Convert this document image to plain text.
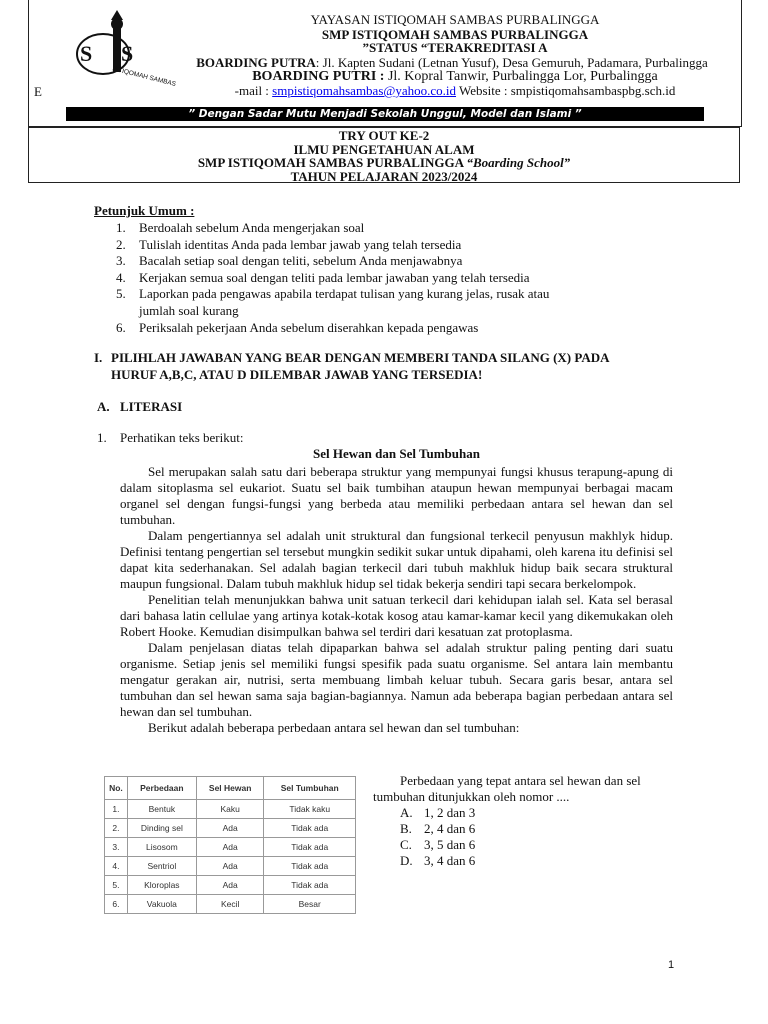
S B S
ISTIQOMAH SAMBAS
YAYASAN ISTIQOMAH SAMBAS PURBALINGGA
SMP ISTIQOMAH SAMBAS PURBALINGGA
”STATUS “TERAKREDITASI A
BOARDING PUTRA: Jl. Kapten Sudani (Letnan Yusuf), Desa Gemuruh, Padamara, Purbalingga
BOARDING PUTRI : Jl. Kopral Tanwir, Purbalingga Lor, Purbalingga
-mail : smpistiqomahsambas@yahoo.co.id Website : smpistiqomahsambaspbg.sch.id
E
” Dengan Sadar Mutu Menjadi Sekolah Unggul, Model dan Islami ”
TRY OUT KE-2
ILMU PENGETAHUAN ALAM
SMP ISTIQOMAH SAMBAS PURBALINGGA “Boarding School”
TAHUN PELAJARAN 2023/2024
Petunjuk Umum :
1. Berdoalah sebelum Anda mengerjakan soal
2. Tulislah identitas Anda pada lembar jawab yang telah tersedia
3. Bacalah setiap soal dengan teliti, sebelum Anda menjawabnya
4. Kerjakan semua soal dengan teliti pada lembar jawaban yang telah tersedia
5. Laporkan pada pengawas apabila terdapat tulisan yang kurang jelas, rusak atau
jumlah soal kurang
6. Periksalah pekerjaan Anda sebelum diserahkan kepada pengawas
I. PILIHLAH JAWABAN YANG BEAR DENGAN MEMBERI TANDA SILANG (X) PADA
HURUF A,B,C, ATAU D DILEMBAR JAWAB YANG TERSEDIA!
A. LITERASI
1. Perhatikan teks berikut:
Sel Hewan dan Sel Tumbuhan

Sel merupakan salah satu dari beberapa struktur yang mempunyai fungsi khusus terapung-apung di dalam sitoplasma sel eukariot. Suatu sel baik tumbihan ataupun hewan mempunyai berbagai macam organel sel dengan fungsi-fungsi yang berbeda atau memiliki perbedaan antara sel hewan dan sel tumbuhan.

Dalam pengertiannya sel adalah unit struktural dan fungsional terkecil penyusun makhlyk hidup. Definisi tentang pengertian sel tersebut mungkin sedikit sukar untuk dipahami, oleh karena itu definisi sel dapat kita sederhanakan. Sel adalah bagian terkecil dari tubuh makhluk hidup baik secara struktural maupun fungsional. Dalam tubuh makhluk hidup sel tidak bekerja sendiri tapi secara berkelompok.

Penelitian telah menunjukkan bahwa unit satuan terkecil dari kehidupan ialah sel. Kata sel berasal dari bahasa latin cellulae yang artinya kotak-kotak kosog atau kamar-kamar kecil yang dikemukakan oleh Robert Hooke. Kemudian disimpulkan bahwa sel terdiri dari kesatuan zat protoplasma.

Dalam penjelasan diatas telah dipaparkan bahwa sel adalah struktur paling penting dari suatu organisme. Setiap jenis sel memiliki fungsi spesifik pada suatu organisme. Sel antara lain membantu mengatur gerakan air, nutrisi, serta membuang limbah keluar tubuh. Secara garis besar, antara sel tumbuhan dan sel hewan sama saja bagian-bagiannya. Namun ada beberapa bagian perbedaan antara sel hewan dan sel tumbuhan.

Berikut adalah beberapa perbedaan antara sel hewan dan sel tumbuhan:

No.	Perbedaan	Sel Hewan	Sel Tumbuhan
1.	Bentuk	Kaku	Tidak kaku
2.	Dinding sel	Ada	Tidak ada
3.	Lisosom	Ada	Tidak ada
4.	Sentriol	Ada	Tidak ada
5.	Kloroplas	Ada	Tidak ada
6.	Vakuola	Kecil	Besar
Perbedaan yang tepat antara sel hewan dan sel
tumbuhan ditunjukkan oleh nomor ....
A. 1, 2 dan 3
B. 2, 4 dan 6
C. 3, 5 dan 6
D. 3, 4 dan 6
1
